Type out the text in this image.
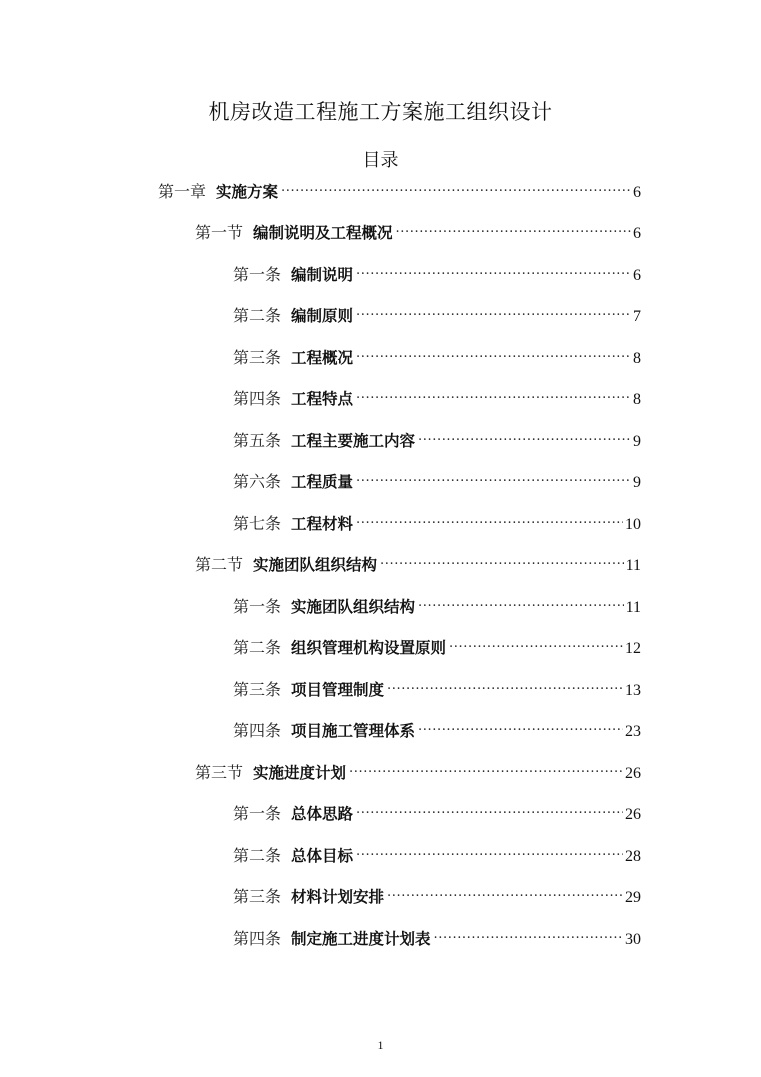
机房改造工程施工方案施工组织设计
目录
第一章 实施方案 .....	6
第一节 编制说明及工程概况 .....	6
第一条 编制说明 .....	6
第二条 编制原则 .....	7
第三条 工程概况 .....	8
第四条 工程特点 .....	8
第五条 工程主要施工内容 .....	9
第六条 工程质量 .....	9
第七条 工程材料 .....	10
第二节 实施团队组织结构 .....	11
第一条 实施团队组织结构 .....	11
第二条 组织管理机构设置原则 .....	12
第三条 项目管理制度 .....	13
第四条 项目施工管理体系 .....	23
第三节 实施进度计划 .....	26
第一条 总体思路 .....	26
第二条 总体目标 .....	28
第三条 材料计划安排 .....	29
第四条 制定施工进度计划表 .....	30
1
